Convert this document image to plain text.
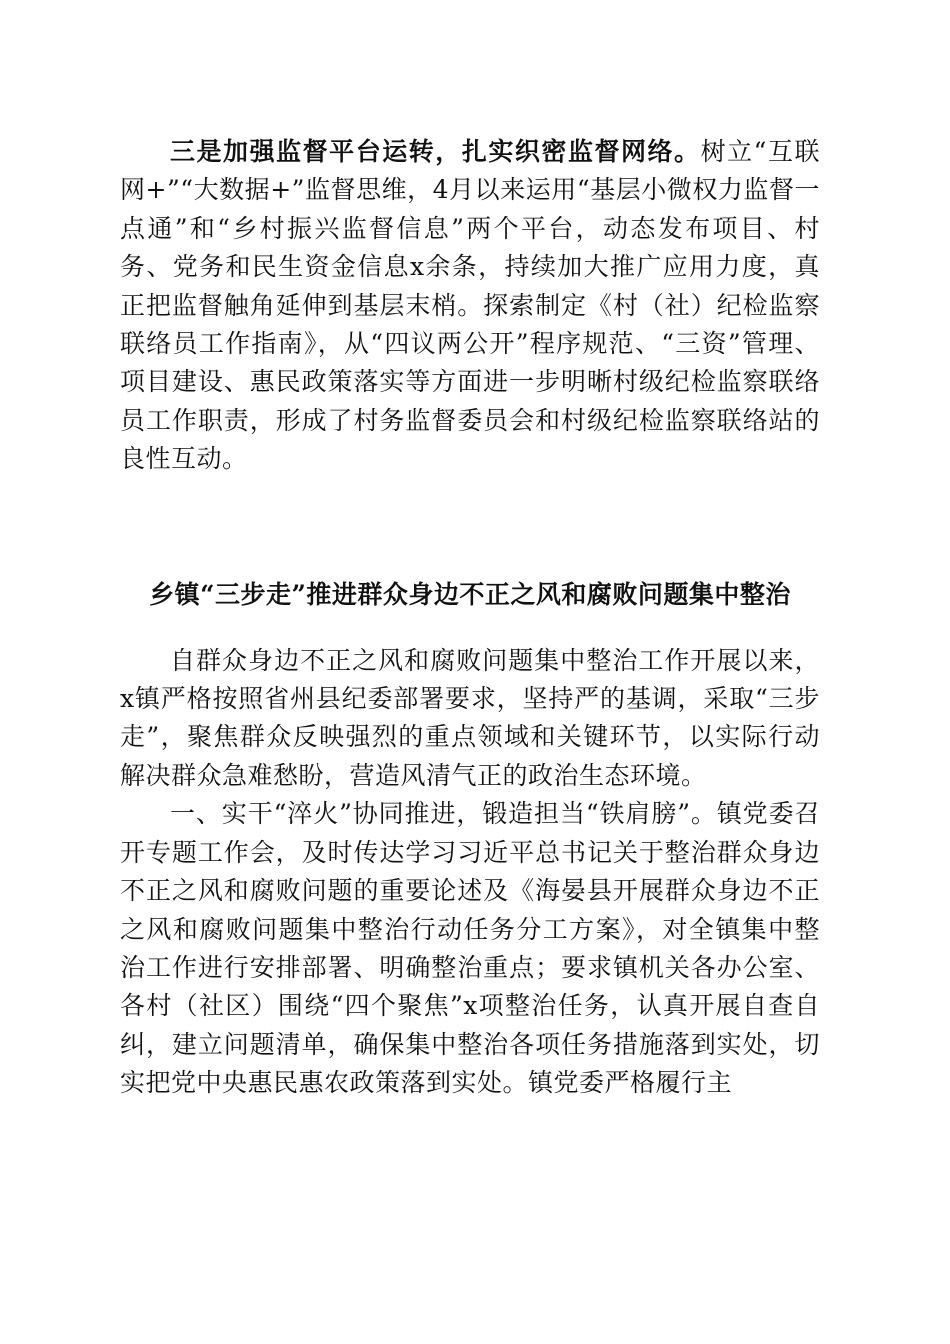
三是加强监督平台运转，扎实织密监督网络。树立“互联网+”“大数据+”监督思维，4月以来运用“基层小微权力监督一点通”和“乡村振兴监督信息”两个平台，动态发布项目、村务、党务和民生资金信息x余条，持续加大推广应用力度，真正把监督触角延伸到基层末梢。探索制定《村（社）纪检监察联络员工作指南》，从“四议两公开”程序规范、“三资”管理、项目建设、惠民政策落实等方面进一步明晰村级纪检监察联络员工作职责，形成了村务监督委员会和村级纪检监察联络站的良性互动。

乡镇“三步走”推进群众身边不正之风和腐败问题集中整治

自群众身边不正之风和腐败问题集中整治工作开展以来，x镇严格按照省州县纪委部署要求，坚持严的基调，采取“三步走”，聚焦群众反映强烈的重点领域和关键环节，以实际行动解决群众急难愁盼，营造风清气正的政治生态环境。

一、实干“淬火”协同推进，锻造担当“铁肩膀”。镇党委召开专题工作会，及时传达学习习近平总书记关于整治群众身边不正之风和腐败问题的重要论述及《海晏县开展群众身边不正之风和腐败问题集中整治行动任务分工方案》，对全镇集中整治工作进行安排部署、明确整治重点；要求镇机关各办公室、各村（社区）围绕“四个聚焦”x项整治任务，认真开展自查自纠，建立问题清单，确保集中整治各项任务措施落到实处，切实把党中央惠民惠农政策落到实处。镇党委严格履行主
